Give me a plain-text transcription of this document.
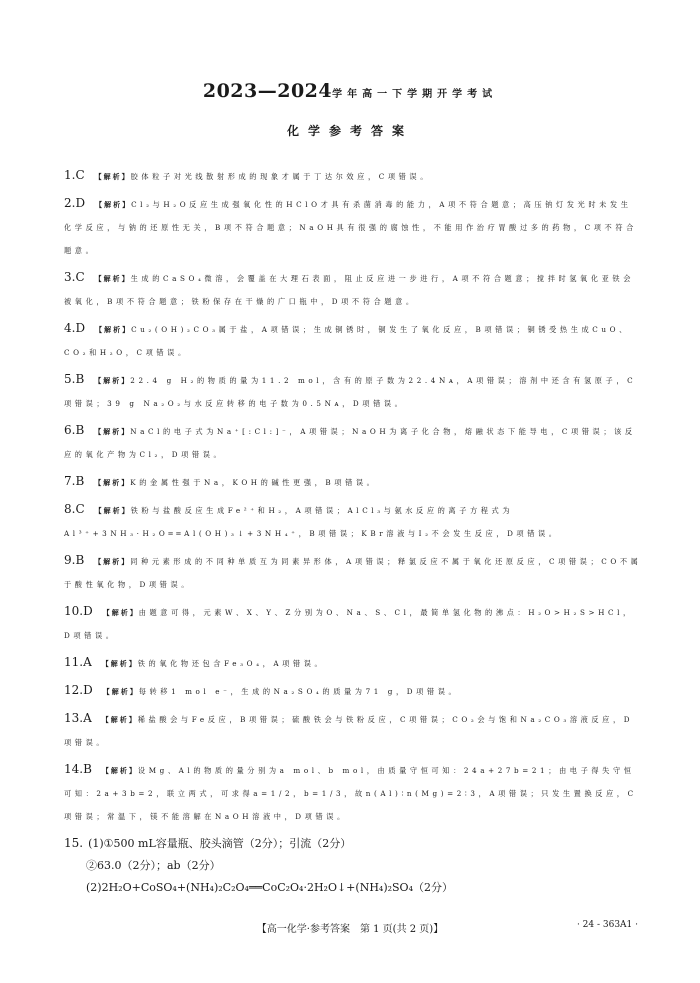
2023—2024学年高一下学期开学考试
化学参考答案
1.C 【解析】胶体粒子对光线散射形成的现象才属于丁达尔效应，C项错误。
2.D 【解析】Cl₂与H₂O反应生成强氧化性的HClO才具有杀菌消毒的能力，A项不符合题意；高压钠灯发光时未发生化学反应，与钠的还原性无关，B项不符合题意；NaOH具有很强的腐蚀性，不能用作治疗胃酸过多的药物，C项不符合题意。
3.C 【解析】生成的CaSO₄微溶，会覆盖在大理石表面，阻止反应进一步进行，A项不符合题意；搅拌时氢氧化亚铁会被氧化，B项不符合题意；铁粉保存在干燥的广口瓶中，D项不符合题意。
4.D 【解析】Cu₂(OH)₂CO₃属于盐，A项错误；生成铜锈时，铜发生了氧化反应，B项错误；铜锈受热生成CuO、CO₂和H₂O，C项错误。
5.B 【解析】22.4 g H₂的物质的量为11.2 mol，含有的原子数为22.4Nᴀ，A项错误；溶剂中还含有氢原子，C项错误；39 g Na₂O₂与水反应转移的电子数为0.5Nᴀ，D项错误。
6.B 【解析】NaCl的电子式为Na⁺[:Cl:]⁻，A项错误；NaOH为离子化合物，熔融状态下能导电，C项错误；该反应的氧化产物为Cl₂，D项错误。
7.B 【解析】K的金属性强于Na，KOH的碱性更强，B项错误。
8.C 【解析】铁粉与盐酸反应生成Fe²⁺和H₂，A项错误；AlCl₃与氨水反应的离子方程式为Al³⁺+3NH₃·H₂O══Al(OH)₃↓+3NH₄⁺，B项错误；KBr溶液与I₂不会发生反应，D项错误。
9.B 【解析】同种元素形成的不同种单质互为同素异形体，A项错误；释氯反应不属于氧化还原反应，C项错误；CO不属于酸性氧化物，D项错误。
10.D 【解析】由题意可得，元素W、X、Y、Z分别为O、Na、S、Cl，最简单氢化物的沸点：H₂O>H₂S>HCl，D项错误。
11.A 【解析】铁的氧化物还包含Fe₃O₄，A项错误。
12.D 【解析】每转移1 mol e⁻，生成的Na₂SO₄的质量为71 g，D项错误。
13.A 【解析】稀盐酸会与Fe反应，B项错误；硫酸铁会与铁粉反应，C项错误；CO₂会与饱和Na₂CO₃溶液反应，D项错误。
14.B 【解析】设Mg、Al的物质的量分别为a mol、b mol，由质量守恒可知：24a+27b=21；由电子得失守恒可知：2a+3b=2，联立两式，可求得a=1/2，b=1/3，故n(Al)∶n(Mg)=2∶3，A项错误；只发生置换反应，C项错误；常温下，镁不能溶解在NaOH溶液中，D项错误。
15. (1)①500 mL容量瓶、胶头滴管（2分）；引流（2分）
②63.0（2分）；ab（2分）
(2)2H₂O+CoSO₄+(NH₄)₂C₂O₄══CoC₂O₄·2H₂O↓+(NH₄)₂SO₄（2分）
【高一化学·参考答案　第 1 页(共 2 页)】	· 24 - 363A1 ·
